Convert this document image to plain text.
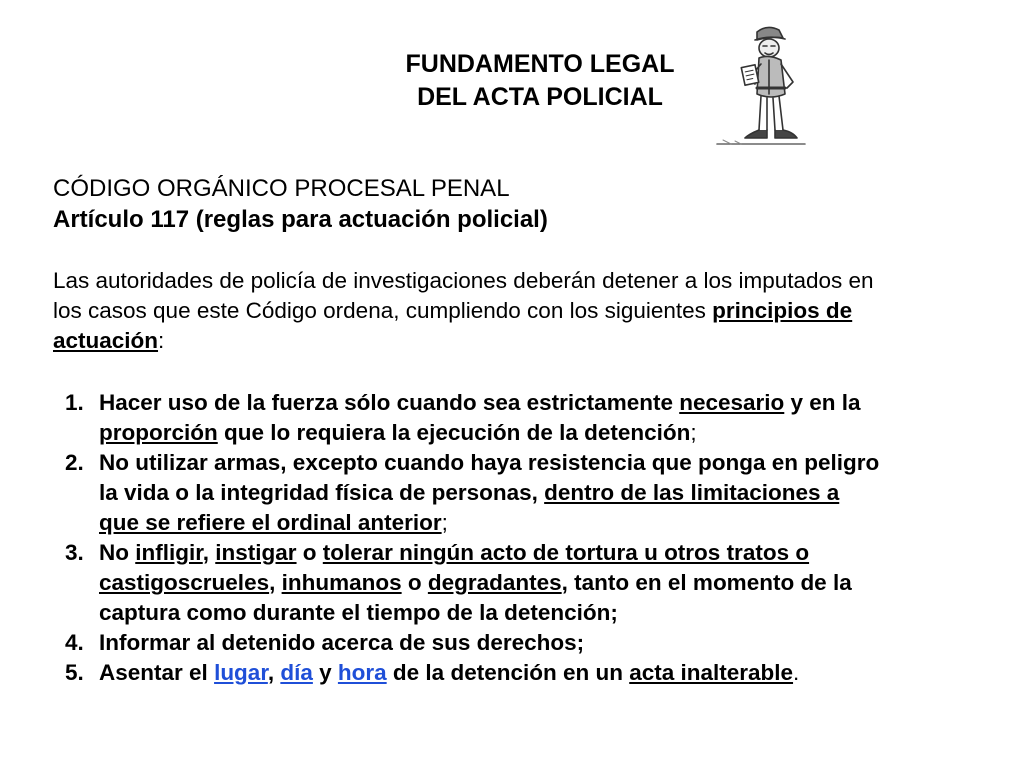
FUNDAMENTO LEGAL
DEL ACTA POLICIAL
CÓDIGO ORGÁNICO PROCESAL PENAL
Artículo 117 (reglas para actuación policial)
Las autoridades de policía de investigaciones deberán detener a los imputados en
los casos que este Código ordena, cumpliendo con los siguientes principios de
actuación:
1. Hacer uso de la fuerza sólo cuando sea estrictamente necesario y en la
proporción que lo requiera la ejecución de la detención;
2. No utilizar armas, excepto cuando haya resistencia que ponga en peligro
la vida o la integridad física de personas, dentro de las limitaciones a
que se refiere el ordinal anterior;
3. No infligir, instigar o tolerar ningún acto de tortura u otros tratos o
castigoscrueles, inhumanos o degradantes, tanto en el momento de la
captura como durante el tiempo de la detención;
4. Informar al detenido acerca de sus derechos;
5. Asentar el lugar, día y hora de la detención en un acta inalterable.
